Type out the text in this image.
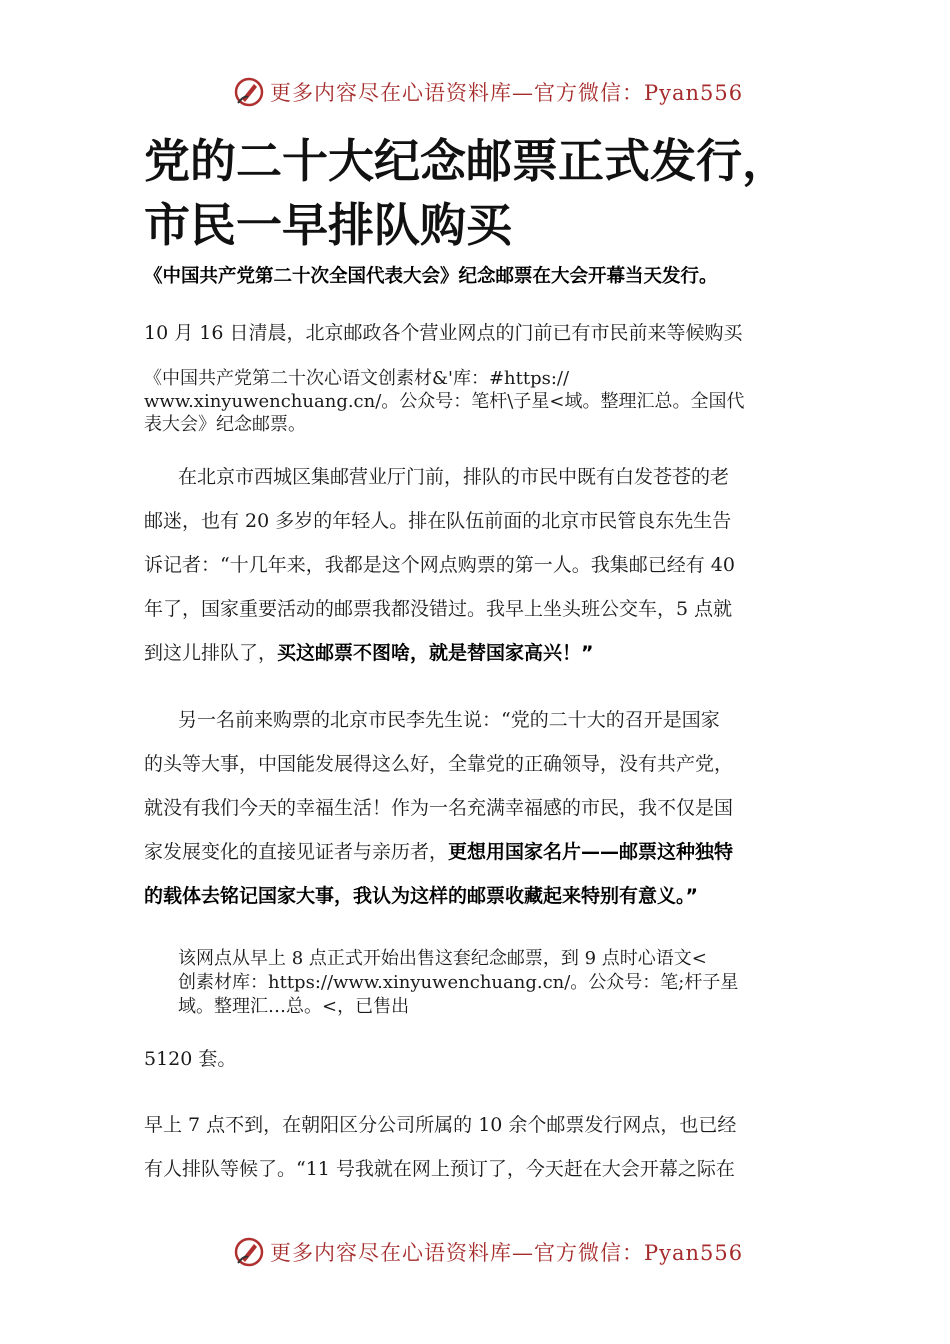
更多内容尽在心语资料库—官方微信：Pyan556
党的二十大纪念邮票正式发行，
市民一早排队购买

《中国共产党第二十次全国代表大会》纪念邮票在大会开幕当天发行。

10 月 16 日清晨，北京邮政各个营业网点的门前已有市民前来等候购买

《中国共产党第二十次心语文创素材&'库：#https://

www.xinyuwenchuang.cn/。公众号：笔杆\子星<域。整理汇总。全国代

表大会》纪念邮票。

在北京市西城区集邮营业厅门前，排队的市民中既有白发苍苍的老

邮迷，也有 20 多岁的年轻人。排在队伍前面的北京市民管良东先生告

诉记者：“十几年来，我都是这个网点购票的第一人。我集邮已经有 40

年了，国家重要活动的邮票我都没错过。我早上坐头班公交车，5 点就

到这儿排队了，买这邮票不图啥，就是替国家高兴！”

另一名前来购票的北京市民李先生说：“党的二十大的召开是国家

的头等大事，中国能发展得这么好，全靠党的正确领导，没有共产党，

就没有我们今天的幸福生活！作为一名充满幸福感的市民，我不仅是国

家发展变化的直接见证者与亲历者，更想用国家名片——邮票这种独特

的载体去铭记国家大事，我认为这样的邮票收藏起来特别有意义。”

该网点从早上 8 点正式开始出售这套纪念邮票，到 9 点时心语文<

创素材库：https://www.xinyuwenchuang.cn/。公众号：笔;杆子星

域。整理汇…总。<，已售出

5120 套。

早上 7 点不到，在朝阳区分公司所属的 10 余个邮票发行网点，也已经

有人排队等候了。“11 号我就在网上预订了，今天赶在大会开幕之际在

更多内容尽在心语资料库—官方微信：Pyan556
